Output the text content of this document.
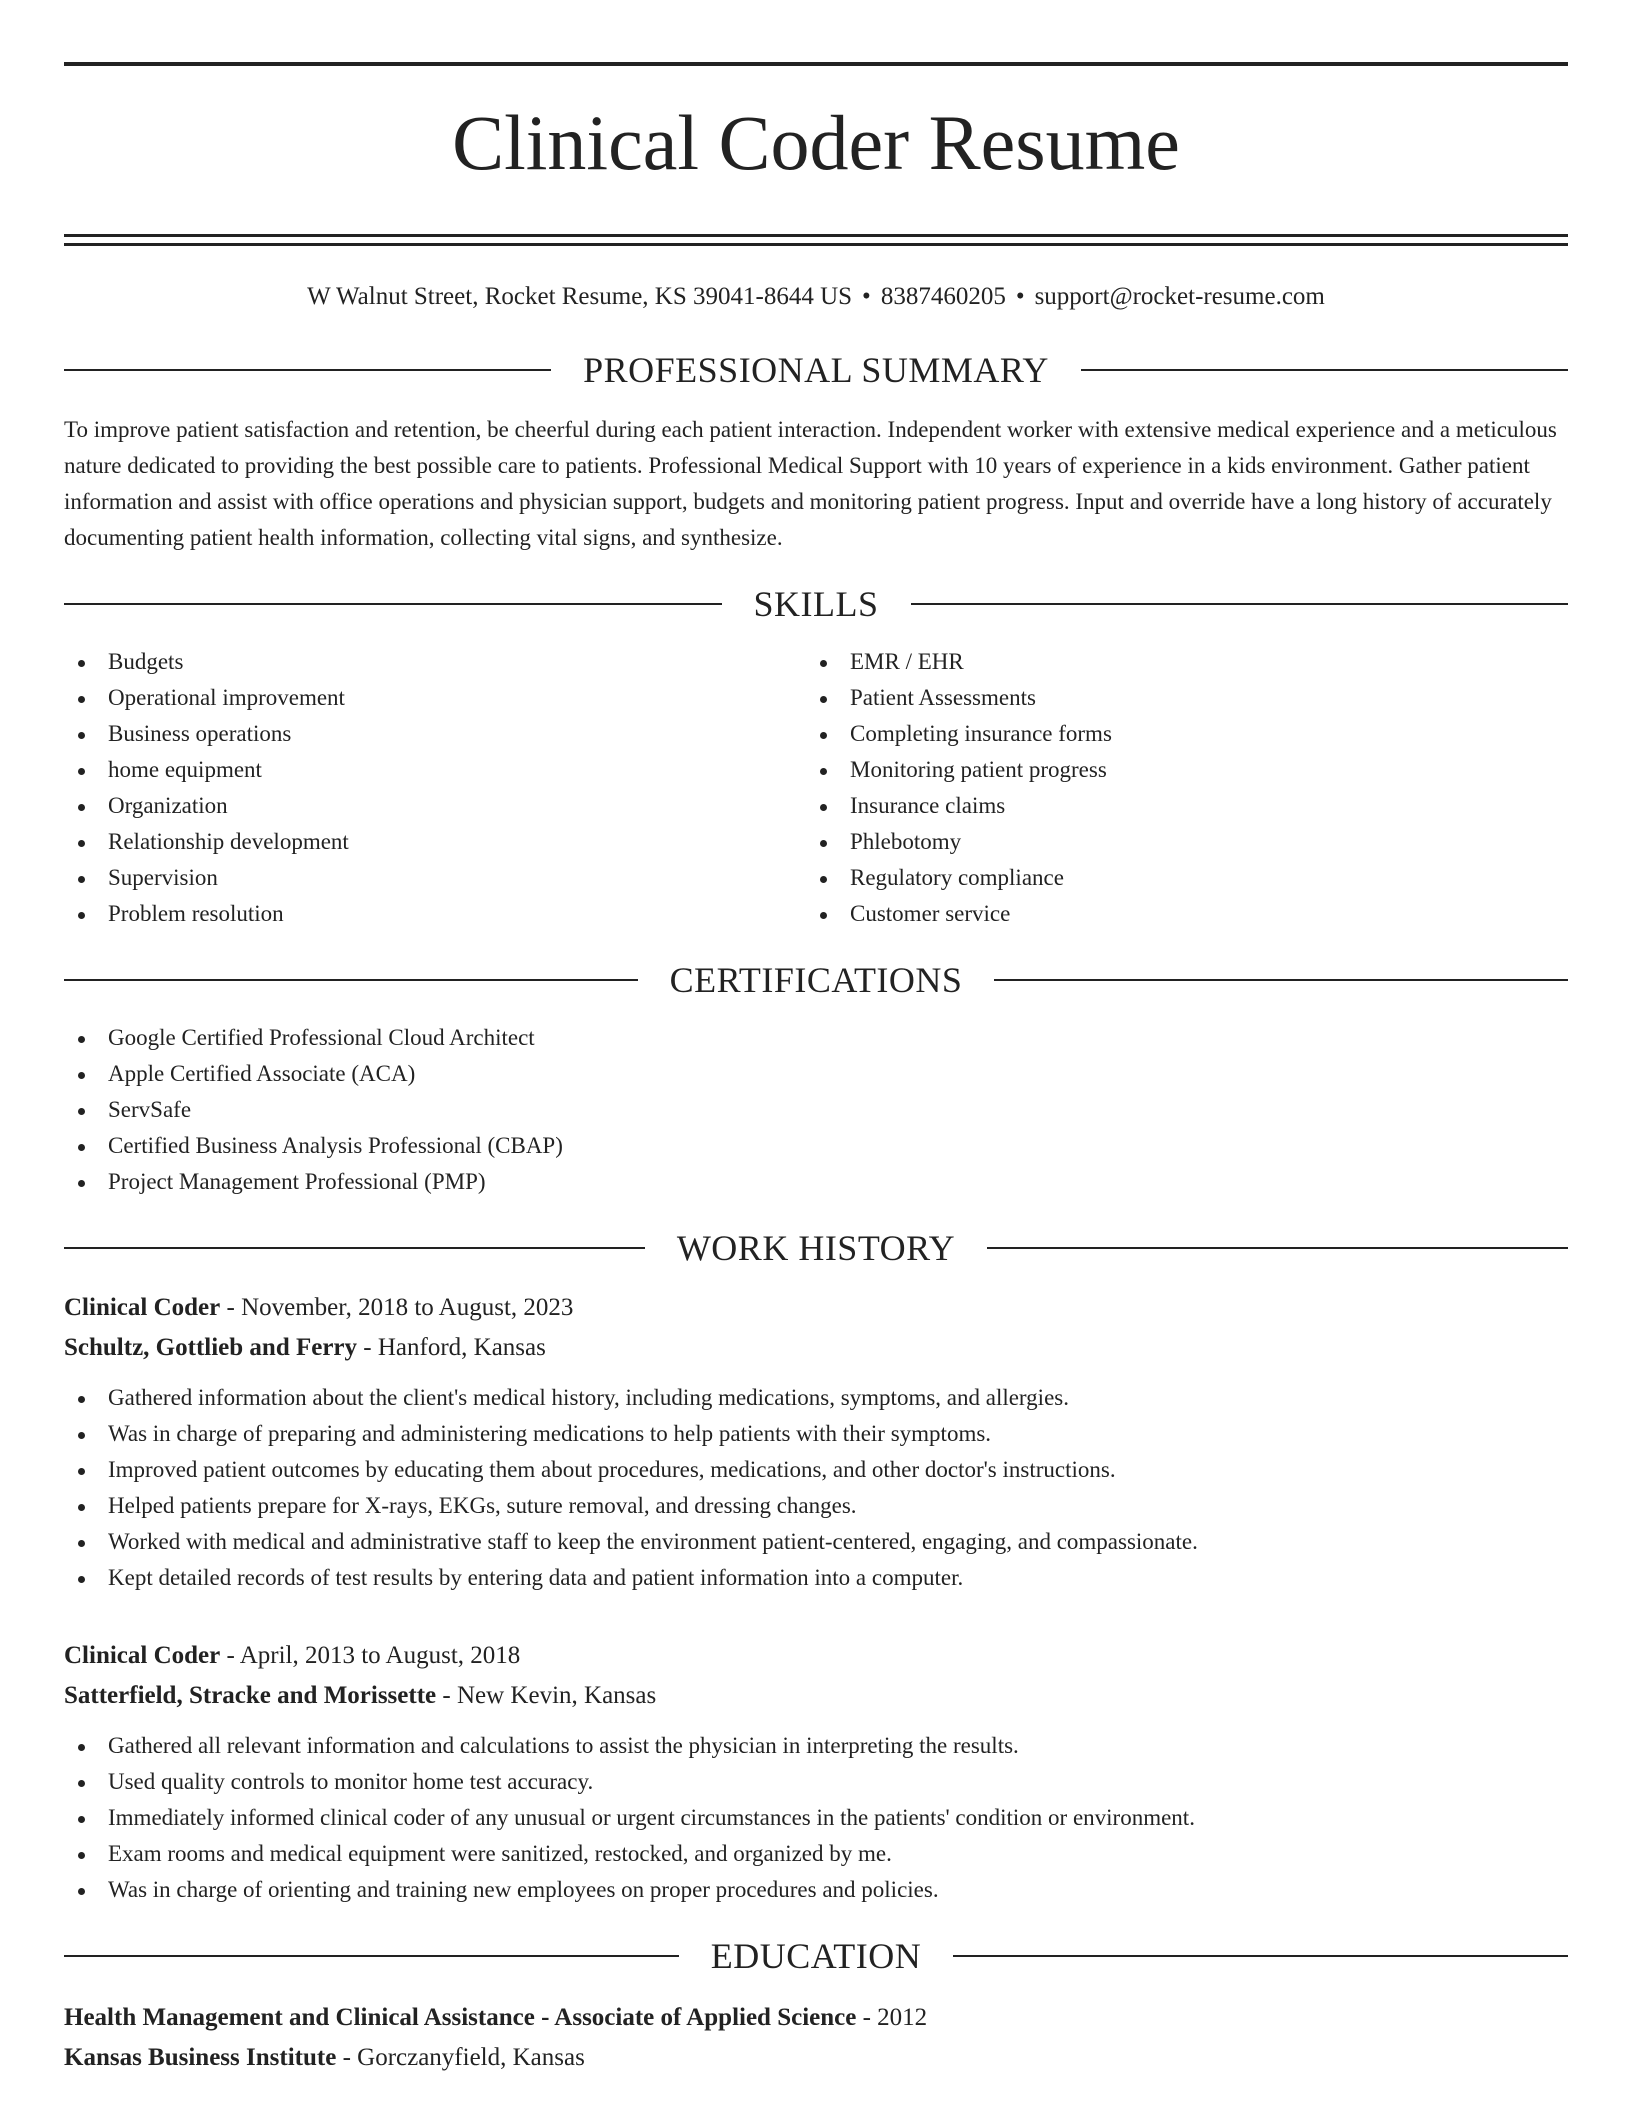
Clinical Coder Resume
W Walnut Street, Rocket Resume, KS 39041-8644 US • 8387460205 • support@rocket-resume.com
PROFESSIONAL SUMMARY

To improve patient satisfaction and retention, be cheerful during each patient interaction. Independent worker with extensive medical experience and a meticulous nature dedicated to providing the best possible care to patients. Professional Medical Support with 10 years of experience in a kids environment. Gather patient information and assist with office operations and physician support, budgets and monitoring patient progress. Input and override have a long history of accurately documenting patient health information, collecting vital signs, and synthesize.

SKILLS
Budgets
Operational improvement
Business operations
home equipment
Organization
Relationship development
Supervision
Problem resolution
EMR / EHR
Patient Assessments
Completing insurance forms
Monitoring patient progress
Insurance claims
Phlebotomy
Regulatory compliance
Customer service
CERTIFICATIONS
Google Certified Professional Cloud Architect
Apple Certified Associate (ACA)
ServSafe
Certified Business Analysis Professional (CBAP)
Project Management Professional (PMP)
WORK HISTORY
Clinical Coder - November, 2018 to August, 2023
Schultz, Gottlieb and Ferry - Hanford, Kansas
Gathered information about the client's medical history, including medications, symptoms, and allergies.
Was in charge of preparing and administering medications to help patients with their symptoms.
Improved patient outcomes by educating them about procedures, medications, and other doctor's instructions.
Helped patients prepare for X-rays, EKGs, suture removal, and dressing changes.
Worked with medical and administrative staff to keep the environment patient-centered, engaging, and compassionate.
Kept detailed records of test results by entering data and patient information into a computer.
Clinical Coder - April, 2013 to August, 2018
Satterfield, Stracke and Morissette - New Kevin, Kansas
Gathered all relevant information and calculations to assist the physician in interpreting the results.
Used quality controls to monitor home test accuracy.
Immediately informed clinical coder of any unusual or urgent circumstances in the patients' condition or environment.
Exam rooms and medical equipment were sanitized, restocked, and organized by me.
Was in charge of orienting and training new employees on proper procedures and policies.
EDUCATION
Health Management and Clinical Assistance - Associate of Applied Science - 2012
Kansas Business Institute - Gorczanyfield, Kansas
